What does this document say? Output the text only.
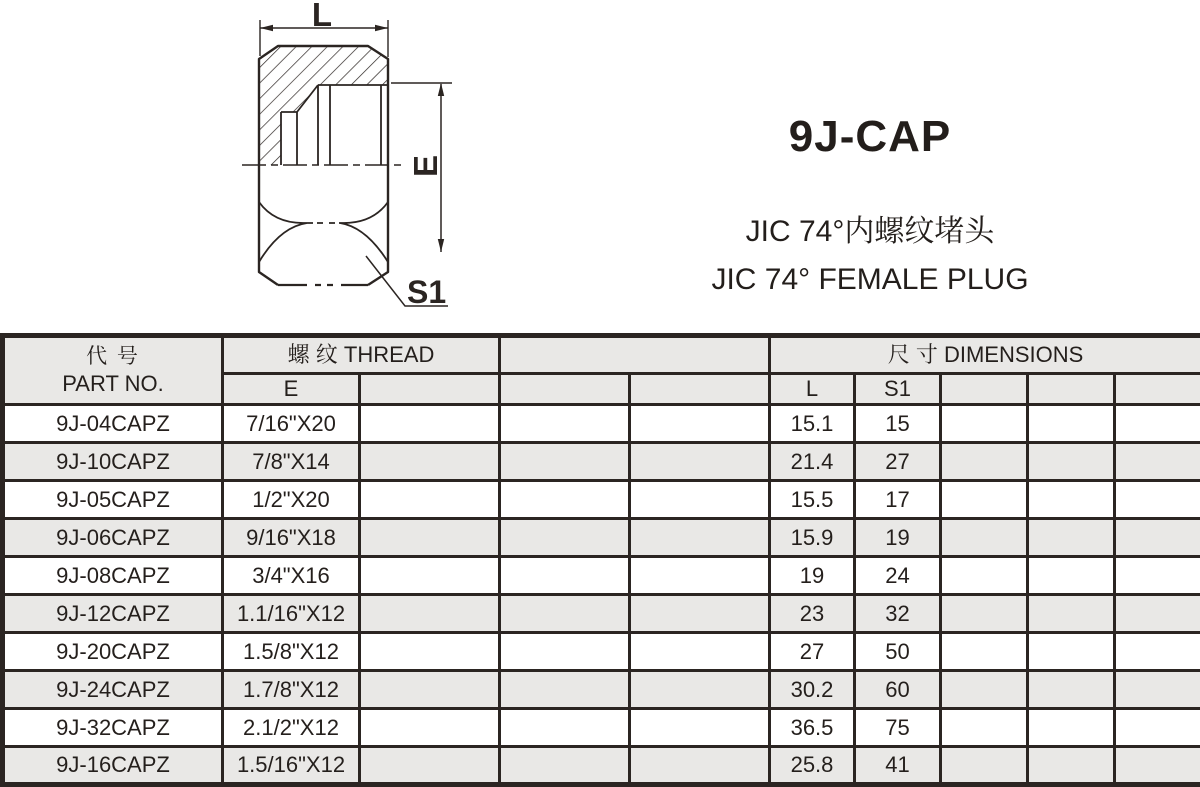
L
E
S1
9J-CAP
JIC 74°内螺纹堵头
JIC 74° FEMALE PLUG
代 号
PART NO.	螺 纹 THREAD				尺 寸 DIMENSIONS				
	E				L	S1			
9J-04CAPZ	7/16"X20				15.1	15			
9J-10CAPZ	7/8"X14				21.4	27			
9J-05CAPZ	1/2"X20				15.5	17			
9J-06CAPZ	9/16"X18				15.9	19			
9J-08CAPZ	3/4"X16				19	24			
9J-12CAPZ	1.1/16"X12				23	32			
9J-20CAPZ	1.5/8"X12				27	50			
9J-24CAPZ	1.7/8"X12				30.2	60			
9J-32CAPZ	2.1/2"X12				36.5	75			
9J-16CAPZ	1.5/16"X12				25.8	41			
